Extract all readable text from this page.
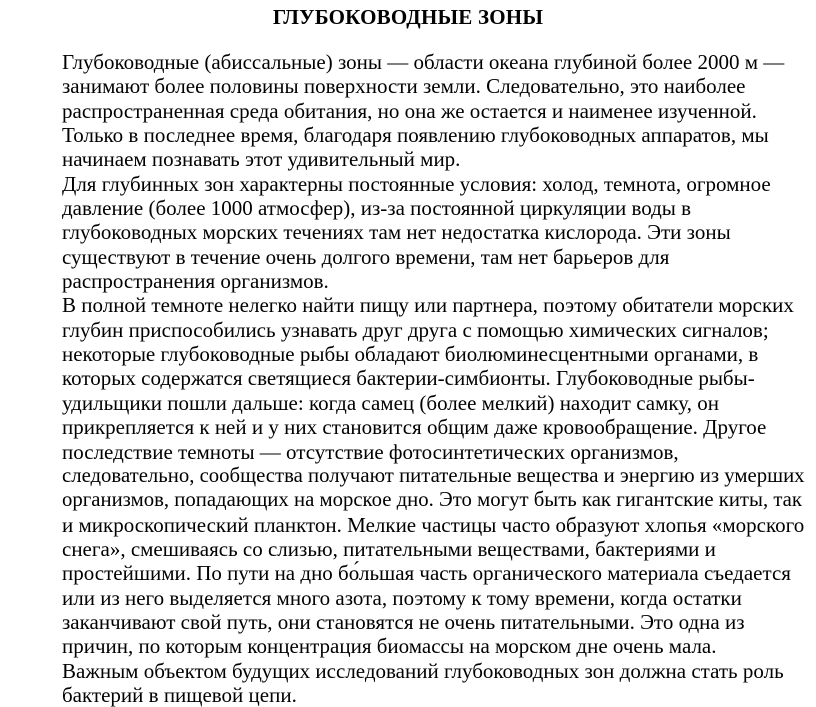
ГЛУБОКОВОДНЫЕ ЗОНЫ
Глубоководные (абиссальные) зоны — области океана глубиной более 2000 м —
занимают более половины поверхности земли. Следовательно, это наиболее
распространенная среда обитания, но она же остается и наименее изученной.
Только в последнее время, благодаря появлению глубоководных аппаратов, мы
начинаем познавать этот удивительный мир.
Для глубинных зон характерны постоянные условия: холод, темнота, огромное
давление (более 1000 атмосфер), из-за постоянной циркуляции воды в
глубоководных морских течениях там нет недостатка кислорода. Эти зоны
существуют в течение очень долгого времени, там нет барьеров для
распространения организмов.
В полной темноте нелегко найти пищу или партнера, поэтому обитатели морских
глубин приспособились узнавать друг друга с помощью химических сигналов;
некоторые глубоководные рыбы обладают биолюминесцентными органами, в
которых содержатся светящиеся бактерии-симбионты. Глубоководные рыбы-
удильщики пошли дальше: когда самец (более мелкий) находит самку, он
прикрепляется к ней и у них становится общим даже кровообращение. Другое
последствие темноты — отсутствие фотосинтетических организмов,
следовательно, сообщества получают питательные вещества и энергию из умерших
организмов, попадающих на морское дно. Это могут быть как гигантские киты, так
и микроскопический планктон. Мелкие частицы часто образуют хлопья «морского
снега», смешиваясь со слизью, питательными веществами, бактериями и
простейшими. По пути на дно бо́льшая часть органического материала съедается
или из него выделяется много азота, поэтому к тому времени, когда остатки
заканчивают свой путь, они становятся не очень питательными. Это одна из
причин, по которым концентрация биомассы на морском дне очень мала.
Важным объектом будущих исследований глубоководных зон должна стать роль
бактерий в пищевой цепи.
